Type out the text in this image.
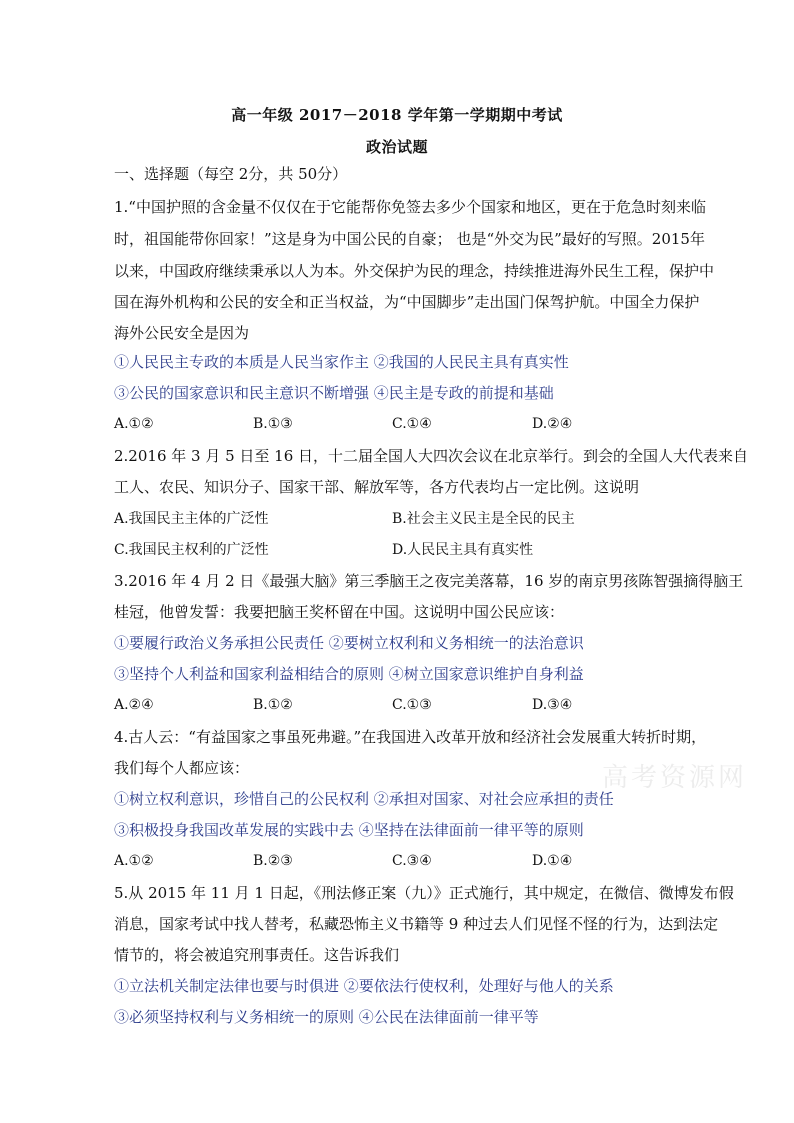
高一年级 2017－2018 学年第一学期期中考试
政治试题
一、选择题（每空 2分，共 50分）
1.“中国护照的含金量不仅仅在于它能帮你免签去多少个国家和地区，更在于危急时刻来临
时，祖国能带你回家！”这是身为中国公民的自豪； 也是“外交为民”最好的写照。2015年
以来，中国政府继续秉承以人为本。外交保护为民的理念，持续推进海外民生工程，保护中
国在海外机构和公民的安全和正当权益，为“中国脚步”走出国门保驾护航。中国全力保护
海外公民安全是因为
①人民民主专政的本质是人民当家作主 ②我国的人民民主具有真实性
③公民的国家意识和民主意识不断增强 ④民主是专政的前提和基础
A.①②	B.①③	C.①④	D.②④
2.2016 年 3 月 5 日至 16 日，十二届全国人大四次会议在北京举行。到会的全国人大代表来自
工人、农民、知识分子、国家干部、解放军等，各方代表均占一定比例。这说明
A.我国民主主体的广泛性	B.社会主义民主是全民的民主
C.我国民主权利的广泛性	D.人民民主具有真实性
3.2016 年 4 月 2 日《最强大脑》第三季脑王之夜完美落幕，16 岁的南京男孩陈智强摘得脑王
桂冠，他曾发誓：我要把脑王奖杯留在中国。这说明中国公民应该：
①要履行政治义务承担公民责任 ②要树立权利和义务相统一的法治意识
③坚持个人利益和国家利益相结合的原则 ④树立国家意识维护自身利益
A.②④	B.①②	C.①③	D.③④
4.古人云：“有益国家之事虽死弗避。”在我国进入改革开放和经济社会发展重大转折时期，
我们每个人都应该：
①树立权利意识，珍惜自己的公民权利 ②承担对国家、对社会应承担的责任
③积极投身我国改革发展的实践中去 ④坚持在法律面前一律平等的原则
A.①②	B.②③	C.③④	D.①④
5.从 2015 年 11 月 1 日起，《刑法修正案（九）》正式施行，其中规定，在微信、微博发布假
消息，国家考试中找人替考，私藏恐怖主义书籍等 9 种过去人们见怪不怪的行为，达到法定
情节的，将会被追究刑事责任。这告诉我们
①立法机关制定法律也要与时俱进 ②要依法行使权利，处理好与他人的关系
③必须坚持权利与义务相统一的原则 ④公民在法律面前一律平等
高考资源网
